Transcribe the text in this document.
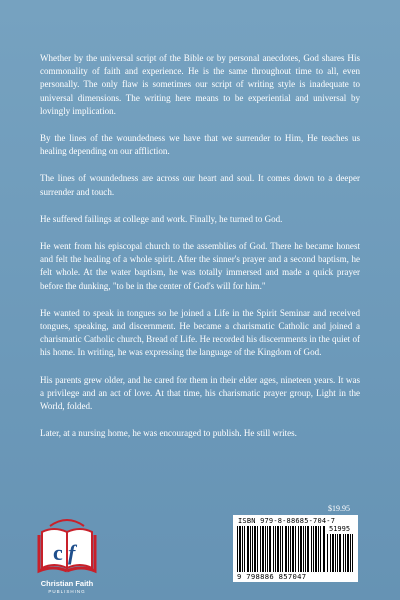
Whether by the universal script of the Bible or by personal anecdotes, God shares His commonality of faith and experience. He is the same throughout time to all, even personally. The only flaw is sometimes our script of writing style is inadequate to universal dimensions. The writing here means to be experiential and universal by lovingly implication.

By the lines of the woundedness we have that we surrender to Him, He teaches us healing depending on our affliction.

The lines of woundedness are across our heart and soul. It comes down to a deeper surrender and touch.

He suffered failings at college and work. Finally, he turned to God.

He went from his episcopal church to the assemblies of God. There he became honest and felt the healing of a whole spirit. After the sinner's prayer and a second baptism, he felt whole. At the water baptism, he was totally immersed and made a quick prayer before the dunking, "to be in the center of God's will for him."

He wanted to speak in tongues so he joined a Life in the Spirit Seminar and received tongues, speaking, and discernment. He became a charismatic Catholic and joined a charismatic Catholic church, Bread of Life. He recorded his discernments in the quiet of his home. In writing, he was expressing the language of the Kingdom of God.

His parents grew older, and he cared for them in their elder ages, nineteen years. It was a privilege and an act of love. At that time, his charismatic prayer group, Light in the World, folded.

Later, at a nursing home, he was encouraged to publish. He still writes.

c f
Christian Faith
PUBLISHING
$19.95
ISBN 979-8-88685-704-7
51995
9 798886 857047
